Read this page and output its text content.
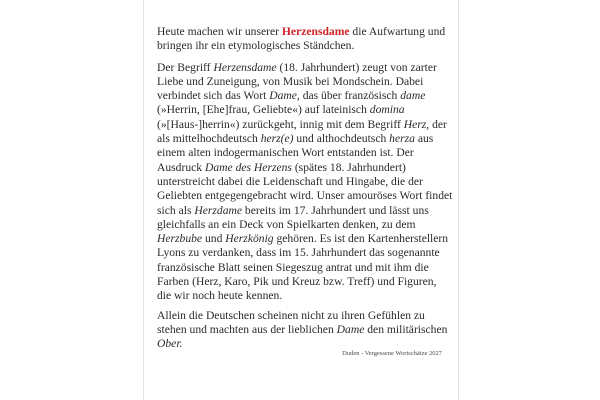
Heute machen wir unserer Herzensdame die Aufwartung und bringen ihr ein etymologisches Ständchen.

Der Begriff Herzensdame (18. Jahrhundert) zeugt von zarter Liebe und Zuneigung, von Musik bei Mondschein. Dabei verbindet sich das Wort Dame, das über französisch dame (»Herrin, [Ehe]frau, Geliebte«) auf lateinisch domina (»[Haus-]herrin«) zurückgeht, innig mit dem Begriff Herz, der als mittelhochdeutsch herz(e) und althochdeutsch herza aus einem alten indogermanischen Wort entstanden ist. Der Ausdruck Dame des Herzens (spätes 18. Jahrhundert) unterstreicht dabei die Leidenschaft und Hingabe, die der Geliebten entgegengebracht wird. Unser amouröses Wort findet sich als Herzdame bereits im 17. Jahrhundert und lässt uns gleichfalls an ein Deck von Spielkarten denken, zu dem Herzbube und Herzkönig gehören. Es ist den Kartenherstellern Lyons zu verdanken, dass im 15. Jahrhundert das sogenannte französische Blatt seinen Siegeszug antrat und mit ihm die Farben (Herz, Karo, Pik und Kreuz bzw. Treff) und Figuren, die wir noch heute kennen.

Allein die Deutschen scheinen nicht zu ihren Gefühlen zu stehen und machten aus der lieblichen Dame den militärischen Ober.

Duden - Vergessene Wortschätze 2027
